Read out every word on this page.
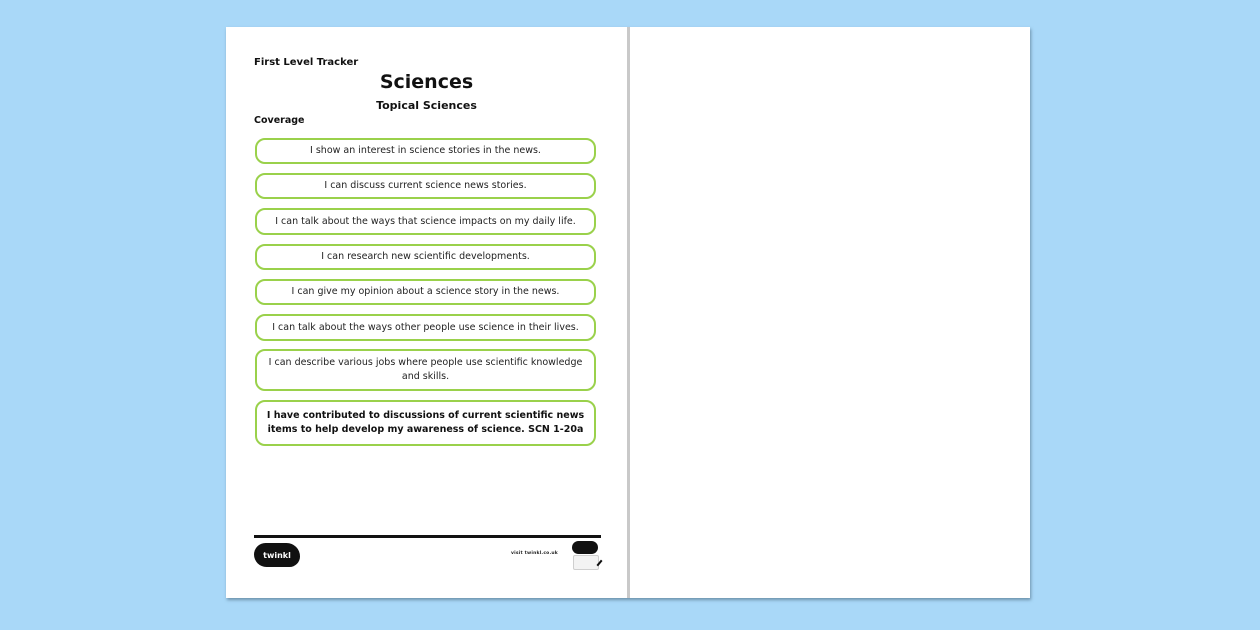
First Level Tracker
Sciences
Topical Sciences
Coverage
I show an interest in science stories in the news.
I can discuss current science news stories.
I can talk about the ways that science impacts on my daily life.
I can research new scientific developments.
I can give my opinion about a science story in the news.
I can talk about the ways other people use science in their lives.
I can describe various jobs where people use scientific knowledge and skills.
I have contributed to discussions of current scientific news items to help develop my awareness of science. SCN 1-20a
twinkl	visit twinkl.co.uk
